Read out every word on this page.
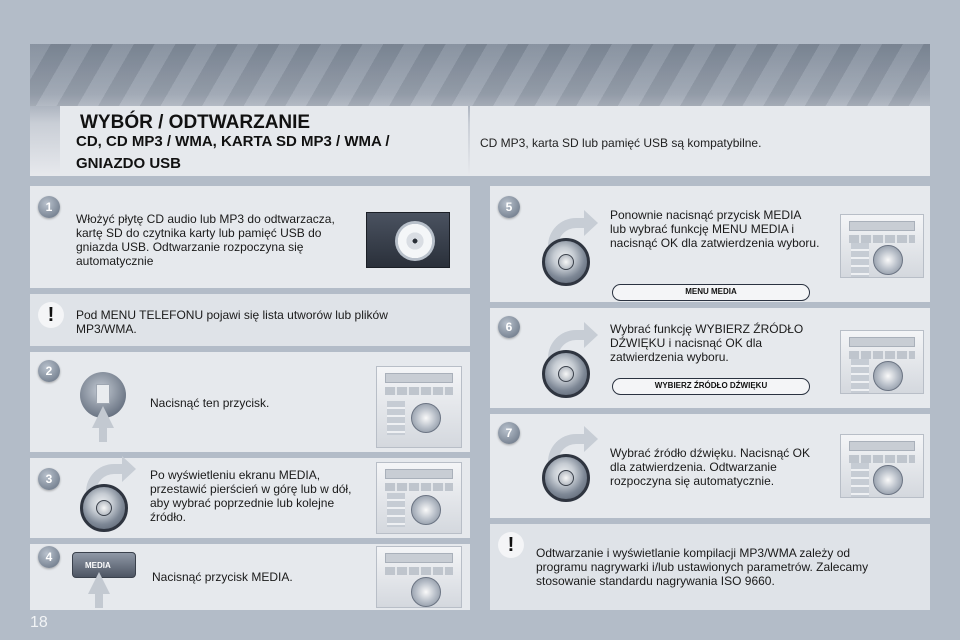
WYBÓR / ODTWARZANIE
CD, CD MP3 / WMA, KARTA SD MP3 / WMA / GNIAZDO USB
CD MP3, karta SD lub pamięć USB są kompatybilne.
1
Włożyć płytę CD audio lub MP3 do odtwarzacza, kartę SD do czytnika karty lub pamięć USB do gniazda USB. Odtwarzanie rozpoczyna się automatycznie
!	Pod MENU TELEFONU pojawi się lista utworów lub plików MP3/WMA.
2
Nacisnąć ten przycisk.
3	Po wyświetleniu ekranu MEDIA, przestawić pierścień w górę lub w dół, aby wybrać poprzednie lub kolejne źródło.
4
MEDIA
Nacisnąć przycisk MEDIA.
5
Ponownie nacisnąć przycisk MEDIA lub wybrać funkcję MENU MEDIA i nacisnąć OK dla zatwierdzenia wyboru.
MENU MEDIA
6	Wybrać funkcję WYBIERZ ŹRÓDŁO DŹWIĘKU i nacisnąć OK dla zatwierdzenia wyboru.
WYBIERZ ŹRÓDŁO DŹWIĘKU
7
Wybrać źródło dźwięku. Nacisnąć OK dla zatwierdzenia. Odtwarzanie rozpoczyna się automatycznie.
!	Odtwarzanie i wyświetlanie kompilacji MP3/WMA zależy od programu nagrywarki i/lub ustawionych parametrów. Zalecamy stosowanie standardu nagrywania ISO 9660.
18
